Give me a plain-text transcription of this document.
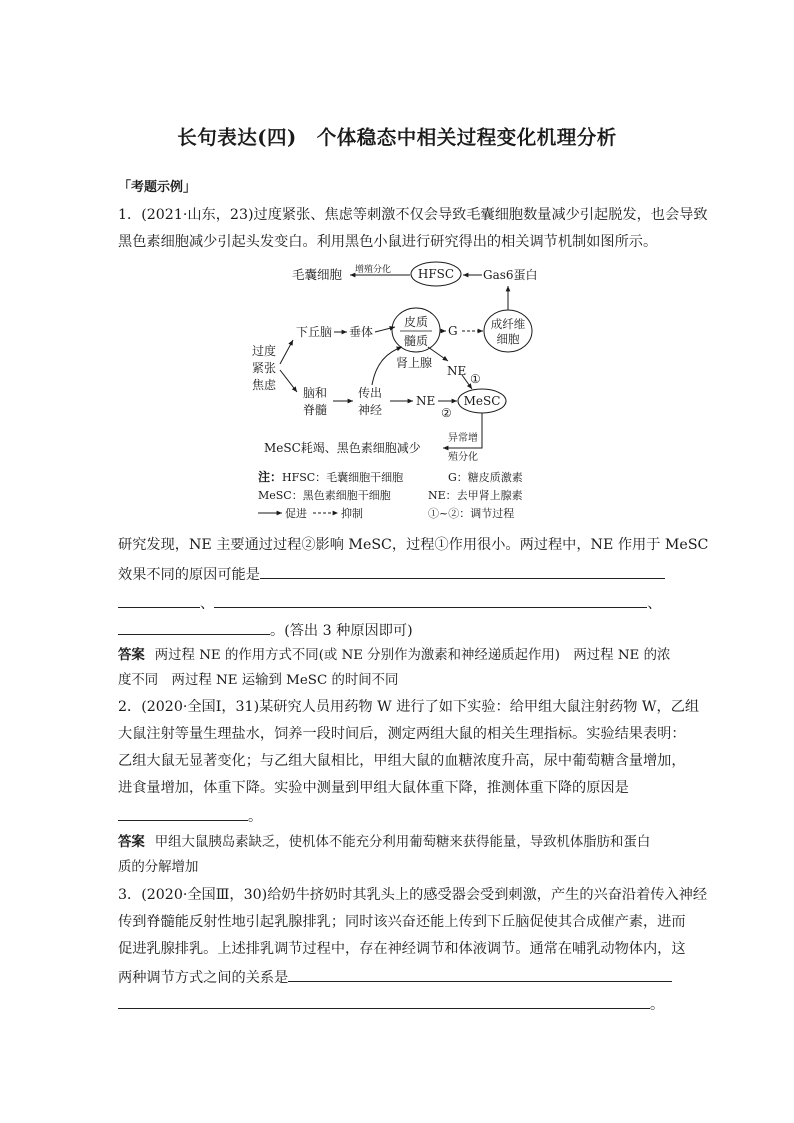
长句表达(四)　个体稳态中相关过程变化机理分析
「考题示例」
1．(2021·山东，23)过度紧张、焦虑等刺激不仅会导致毛囊细胞数量减少引起脱发，也会导致
黑色素细胞减少引起头发变白。利用黑色小鼠进行研究得出的相关调节机制如图所示。
毛囊细胞 增殖分化 HFSC Gas6蛋白
过度
紧张
焦虑
下丘脑 垂体
皮质
髓质
肾上腺
G	成纤维
细胞
NE
①
脑和
脊髓
传出
神经
NE
②
MeSC
异常增
殖分化
MeSC耗竭、黑色素细胞减少
注： HFSC：毛囊细胞干细胞	G：糖皮质激素
MeSC：黑色素细胞干细胞	NE：去甲肾上腺素
促进	抑制	①~②：调节过程
研究发现，NE 主要通过过程②影响 MeSC，过程①作用很小。两过程中，NE 作用于 MeSC
效果不同的原因可能是
、	、
。(答出 3 种原因即可)
答案 两过程 NE 的作用方式不同(或 NE 分别作为激素和神经递质起作用)　两过程 NE 的浓
度不同　两过程 NE 运输到 MeSC 的时间不同
2．(2020·全国Ⅰ，31)某研究人员用药物 W 进行了如下实验：给甲组大鼠注射药物 W，乙组
大鼠注射等量生理盐水，饲养一段时间后，测定两组大鼠的相关生理指标。实验结果表明：
乙组大鼠无显著变化；与乙组大鼠相比，甲组大鼠的血糖浓度升高，尿中葡萄糖含量增加，
进食量增加，体重下降。实验中测量到甲组大鼠体重下降，推测体重下降的原因是
。
答案 甲组大鼠胰岛素缺乏，使机体不能充分利用葡萄糖来获得能量，导致机体脂肪和蛋白
质的分解增加
3．(2020·全国Ⅲ，30)给奶牛挤奶时其乳头上的感受器会受到刺激，产生的兴奋沿着传入神经
传到脊髓能反射性地引起乳腺排乳；同时该兴奋还能上传到下丘脑促使其合成催产素，进而
促进乳腺排乳。上述排乳调节过程中，存在神经调节和体液调节。通常在哺乳动物体内，这
两种调节方式之间的关系是
。
